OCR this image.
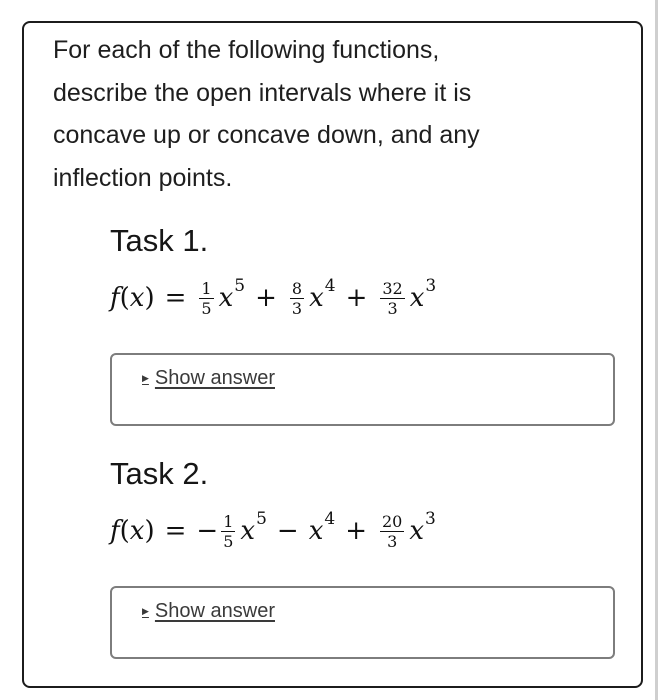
For each of the following functions,
describe the open intervals where it is
concave up or concave down, and any
inflection points.
Task 1.
f ( x ) = $\frac{1}{5}$ x $5 + \frac{8}{3}$ x $4 + \frac{32}{3}$ x 3
▶ Show answer
Task 2.
f ( x ) = − $\frac{1}{5}$ x 5 − x $4 + \frac{20}{3}$ x 3
▶ Show answer
